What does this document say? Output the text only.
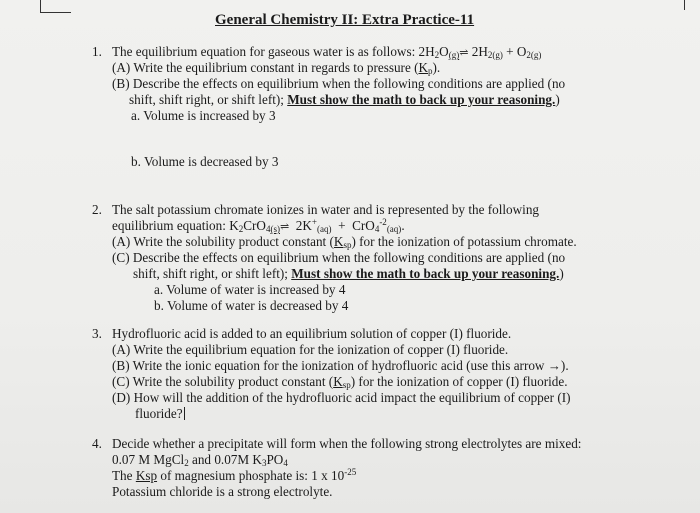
General Chemistry II: Extra Practice-11
1. The equilibrium equation for gaseous water is as follows: $2H_2O_{(g)}\rightleftharpoons$ $2H_{2(g)} + O_{2(g)}$
(A) Write the equilibrium constant in regards to pressure $(K_p)$.
(B) Describe the effects on equilibrium when the following conditions are applied (no
shift, shift right, or shift left); Must show the math to back up your reasoning.)
a. Volume is increased by 3
b. Volume is decreased by 3
2. The salt potassium chromate ionizes in water and is represented by the following
equilibrium equation: $K_2CrO_{4(s)}\rightleftharpoons$ $2K^+_{(aq)} + CrO_4^{-2}_{(aq)}$.
(A) Write the solubility product constant $(K_{sp})$ for the ionization of potassium chromate.
(C) Describe the effects on equilibrium when the following conditions are applied (no
shift, shift right, or shift left); Must show the math to back up your reasoning.)
a. Volume of water is increased by 4
b. Volume of water is decreased by 4
3. Hydrofluoric acid is added to an equilibrium solution of copper (I) fluoride.
(A) Write the equilibrium equation for the ionization of copper (I) fluoride.
(B) Write the ionic equation for the ionization of hydrofluoric acid (use this arrow →).
(C) Write the solubility product constant $(K_{sp})$ for the ionization of copper (I) fluoride.
(D) How will the addition of the hydrofluoric acid impact the equilibrium of copper (I)
fluoride?
4. Decide whether a precipitate will form when the following strong electrolytes are mixed:
0.07 M MgCl$_2$ and 0.07M $K_3PO_4$
The Ksp of magnesium phosphate is: 1 x $10^{-25}$
Potassium chloride is a strong electrolyte.
